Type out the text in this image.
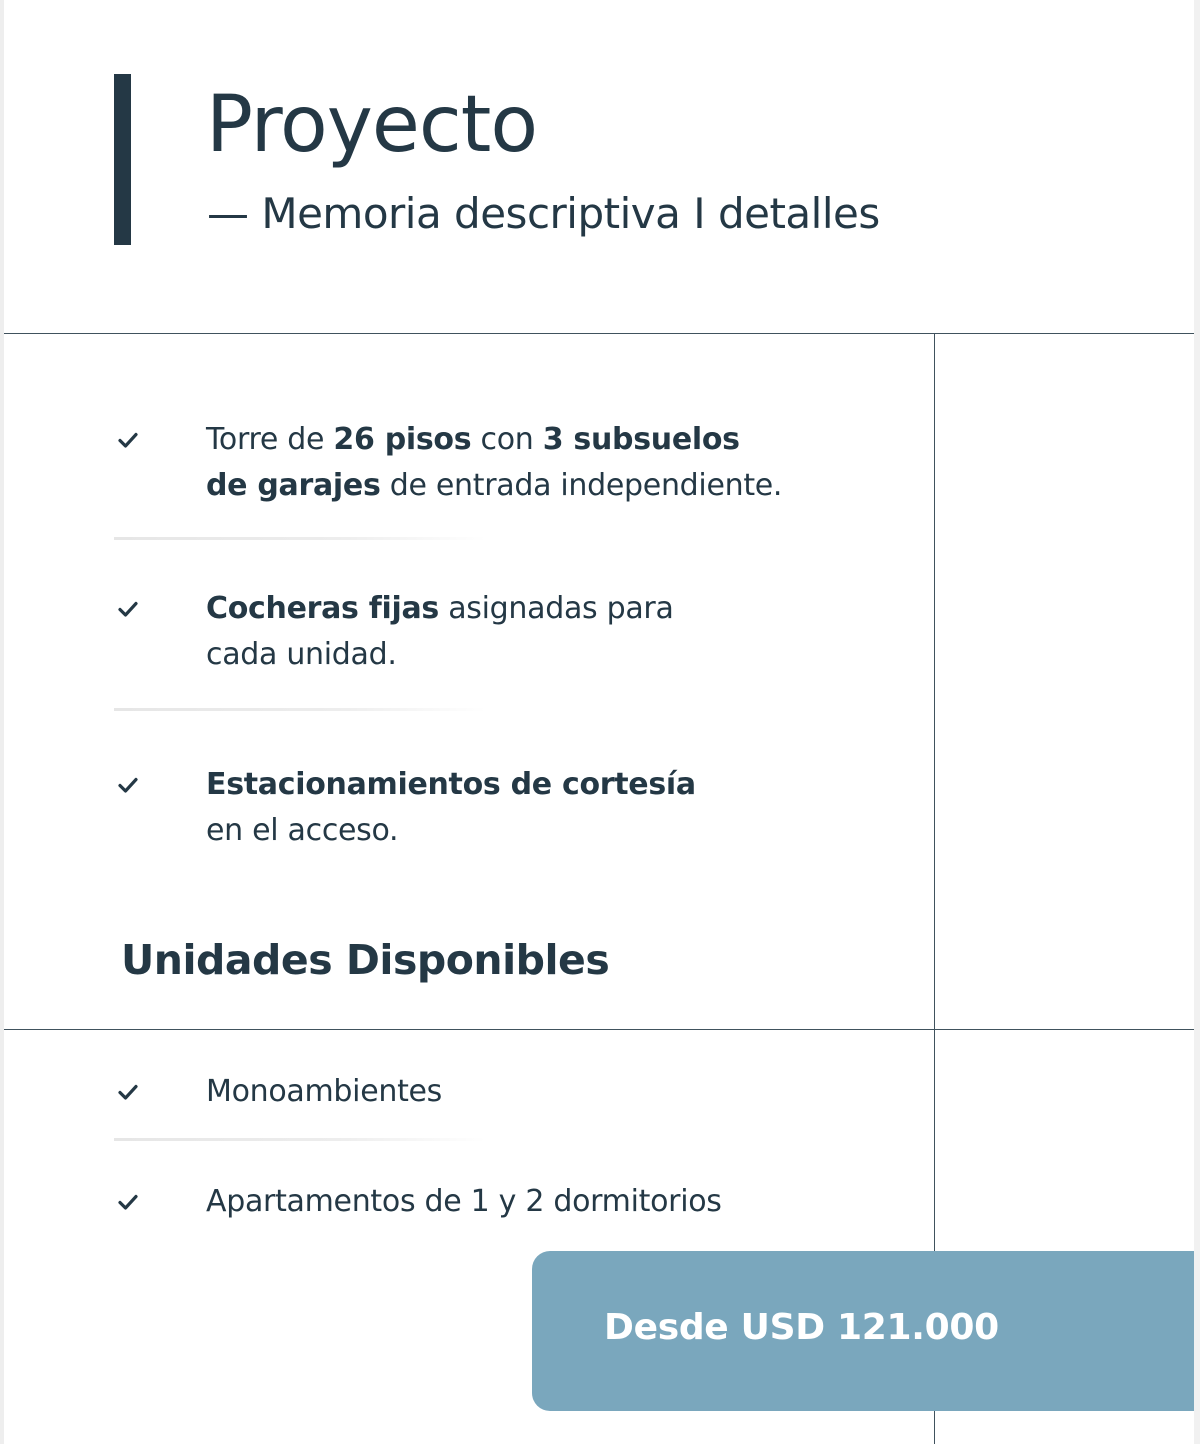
Proyecto
— Memoria descriptiva I detalles
Torre de 26 pisos con 3 subsuelos
de garajes de entrada independiente.
Cocheras fijas asignadas para
cada unidad.
Estacionamientos de cortesía
en el acceso.
Unidades Disponibles
Monoambientes
Apartamentos de 1 y 2 dormitorios
Desde USD 121.000
